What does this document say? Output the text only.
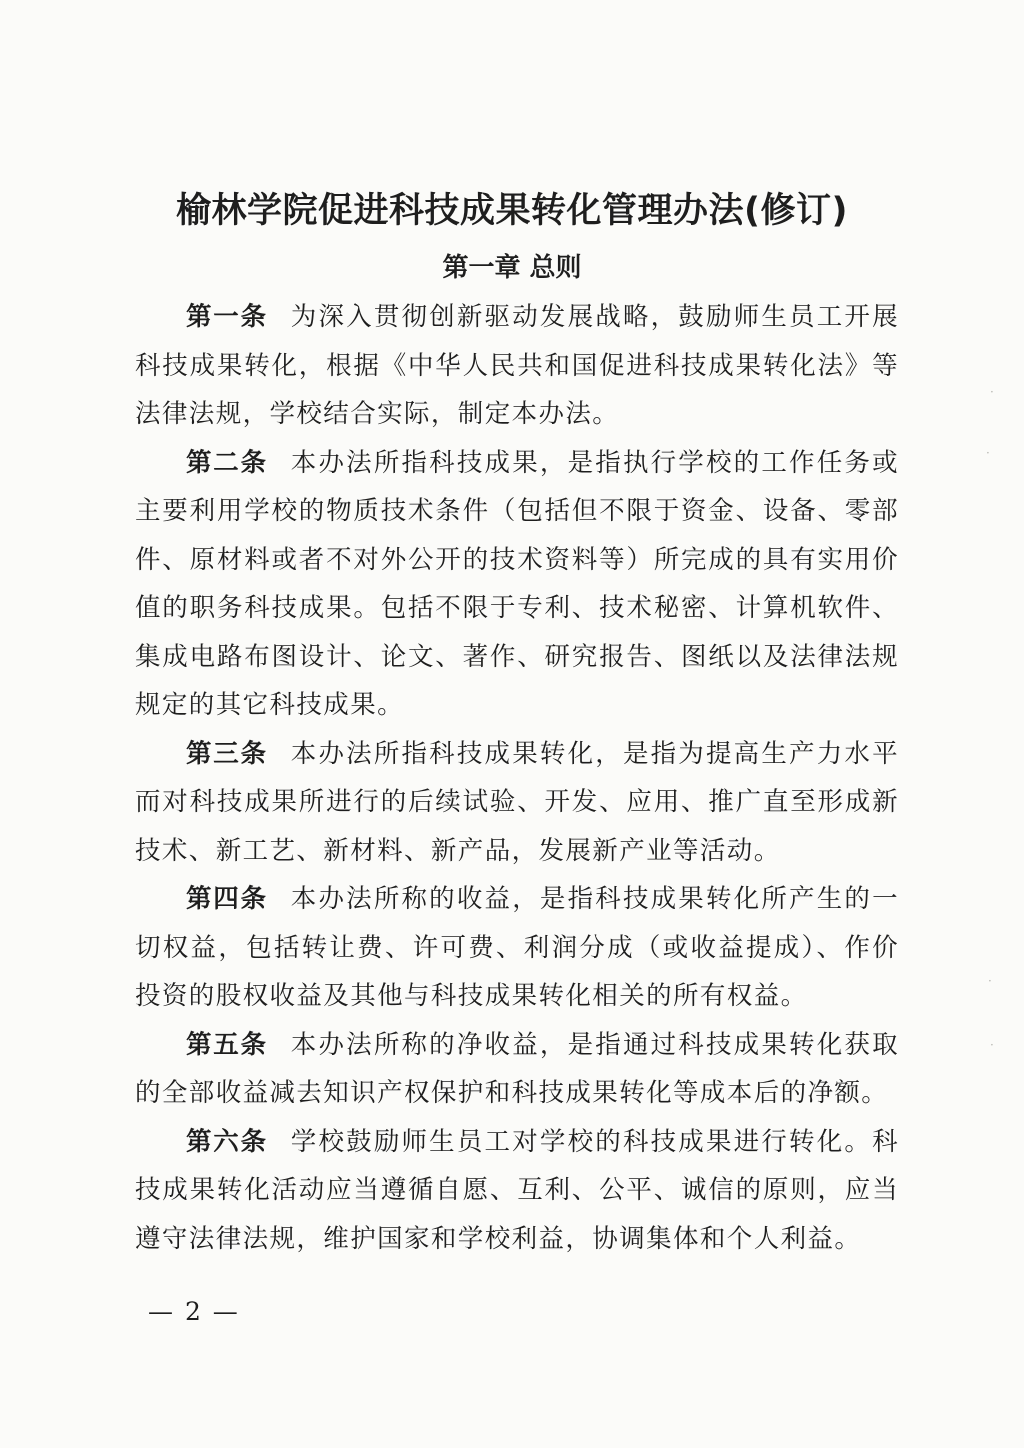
榆林学院促进科技成果转化管理办法(修订)
第一章 总则

第一条 为深入贯彻创新驱动发展战略，鼓励师生员工开展科技成果转化，根据《中华人民共和国促进科技成果转化法》等法律法规，学校结合实际，制定本办法。

第二条 本办法所指科技成果，是指执行学校的工作任务或主要利用学校的物质技术条件（包括但不限于资金、设备、零部件、原材料或者不对外公开的技术资料等）所完成的具有实用价值的职务科技成果。包括不限于专利、技术秘密、计算机软件、集成电路布图设计、论文、著作、研究报告、图纸以及法律法规规定的其它科技成果。

第三条 本办法所指科技成果转化，是指为提高生产力水平而对科技成果所进行的后续试验、开发、应用、推广直至形成新技术、新工艺、新材料、新产品，发展新产业等活动。

第四条 本办法所称的收益，是指科技成果转化所产生的一切权益，包括转让费、许可费、利润分成（或收益提成）、作价投资的股权收益及其他与科技成果转化相关的所有权益。

第五条 本办法所称的净收益，是指通过科技成果转化获取的全部收益减去知识产权保护和科技成果转化等成本后的净额。

第六条 学校鼓励师生员工对学校的科技成果进行转化。科技成果转化活动应当遵循自愿、互利、公平、诚信的原则，应当遵守法律法规，维护国家和学校利益，协调集体和个人利益。

— 2 —
·
·
·
·
